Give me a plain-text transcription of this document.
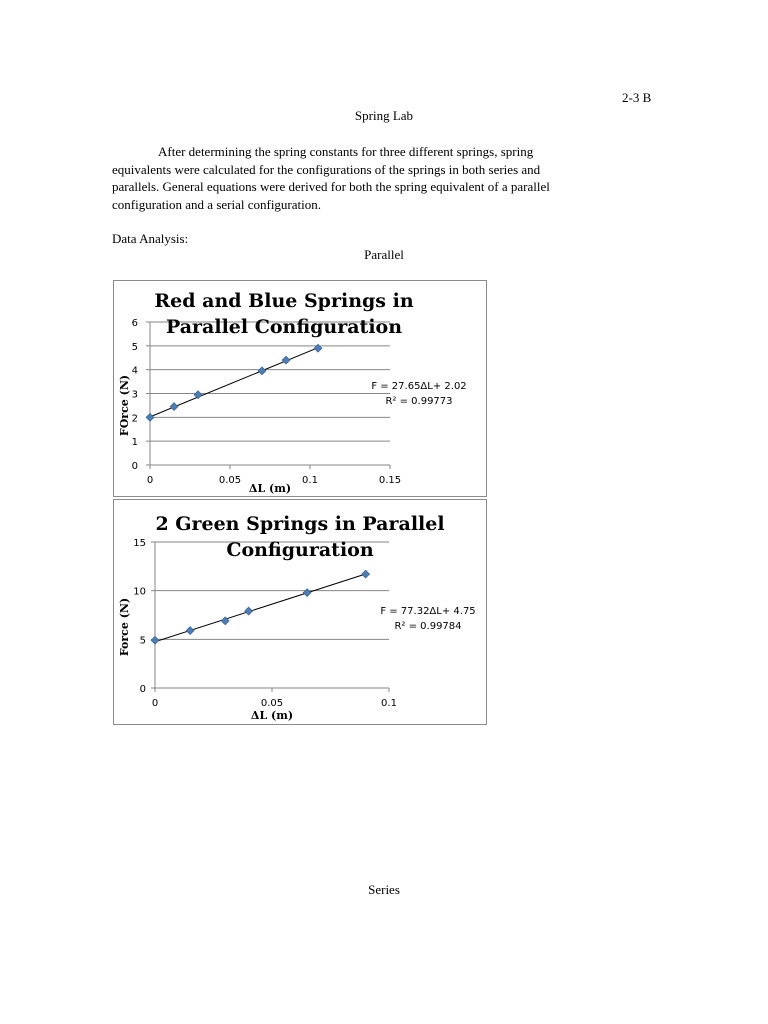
2-3 B
Spring Lab
After determining the spring constants for three different springs, spring
equivalents were calculated for the configurations of the springs in both series and
parallels. General equations were derived for both the spring equivalent of a parallel
configuration and a serial configuration.
Data Analysis:
Parallel
0
1
2
3
4
5
6
0	0.05	0.1	0.15
Red and Blue Springs in
Parallel Configuration
F = 27.65ΔL+ 2.02
R² = 0.99773
ΔL (m)
FOrce (N)
0
5
10
15
0	0.05	0.1
2 Green Springs in Parallel
Configuration
F = 77.32ΔL+ 4.75
R² = 0.99784
ΔL (m)
Force (N)
Series
